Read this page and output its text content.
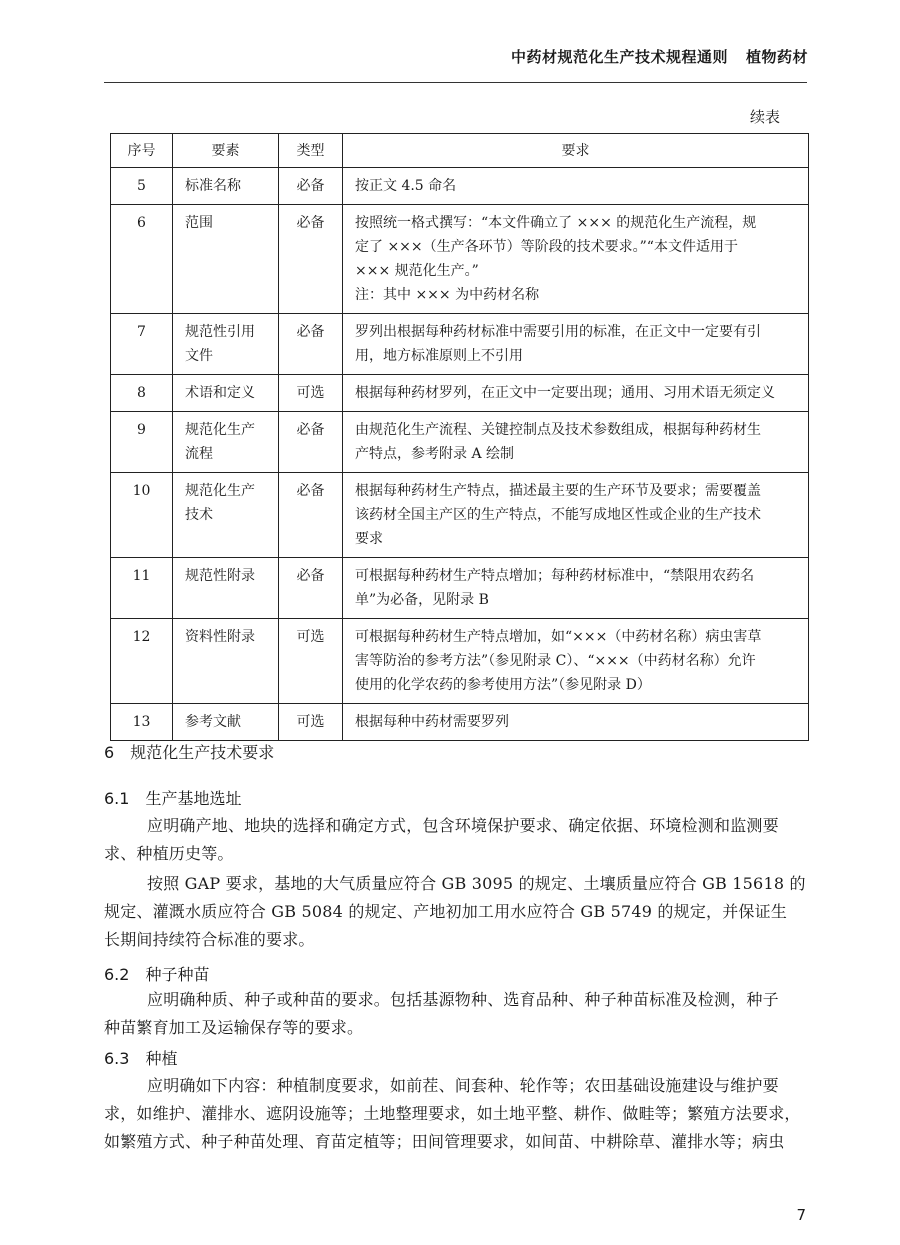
中药材规范化生产技术规程通则 植物药材
续表
序号	要素	类型	要求
5	标准名称	必备	按正文 4.5 命名

6	范围	必备	按照统一格式撰写：“本文件确立了 ××× 的规范化生产流程，规
定了 ×××（生产各环节）等阶段的技术要求。”“本文件适用于
××× 规范化生产。”
注：其中 ××× 为中药材名称

7	规范性引用
文件	必备	罗列出根据每种药材标准中需要引用的标准，在正文中一定要有引
用，地方标准原则上不引用

8	术语和定义	可选	根据每种药材罗列，在正文中一定要出现；通用、习用术语无须定义

9	规范化生产
流程	必备	由规范化生产流程、关键控制点及技术参数组成，根据每种药材生
产特点，参考附录 A 绘制

10	规范化生产
技术	必备	根据每种药材生产特点，描述最主要的生产环节及要求；需要覆盖
该药材全国主产区的生产特点，不能写成地区性或企业的生产技术
要求

11	规范性附录	必备	可根据每种药材生产特点增加；每种药材标准中，“禁限用农药名
单”为必备，见附录 B

12	资料性附录	可选	可根据每种药材生产特点增加，如“×××（中药材名称）病虫害草
害等防治的参考方法”（参见附录 C）、“×××（中药材名称）允许
使用的化学农药的参考使用方法”（参见附录 D）

13	参考文献	可选	根据每种中药材需要罗列
6 规范化生产技术要求
6.1 生产基地选址
应明确产地、地块的选择和确定方式，包含环境保护要求、确定依据、环境检测和监测要
求、种植历史等。
按照 GAP 要求，基地的大气质量应符合 GB 3095 的规定、土壤质量应符合 GB 15618 的
规定、灌溉水质应符合 GB 5084 的规定、产地初加工用水应符合 GB 5749 的规定，并保证生
长期间持续符合标准的要求。
6.2 种子种苗
应明确种质、种子或种苗的要求。包括基源物种、选育品种、种子种苗标准及检测，种子
种苗繁育加工及运输保存等的要求。
6.3 种植
应明确如下内容：种植制度要求，如前茬、间套种、轮作等；农田基础设施建设与维护要
求，如维护、灌排水、遮阴设施等；土地整理要求，如土地平整、耕作、做畦等；繁殖方法要求，
如繁殖方式、种子种苗处理、育苗定植等；田间管理要求，如间苗、中耕除草、灌排水等；病虫
7
